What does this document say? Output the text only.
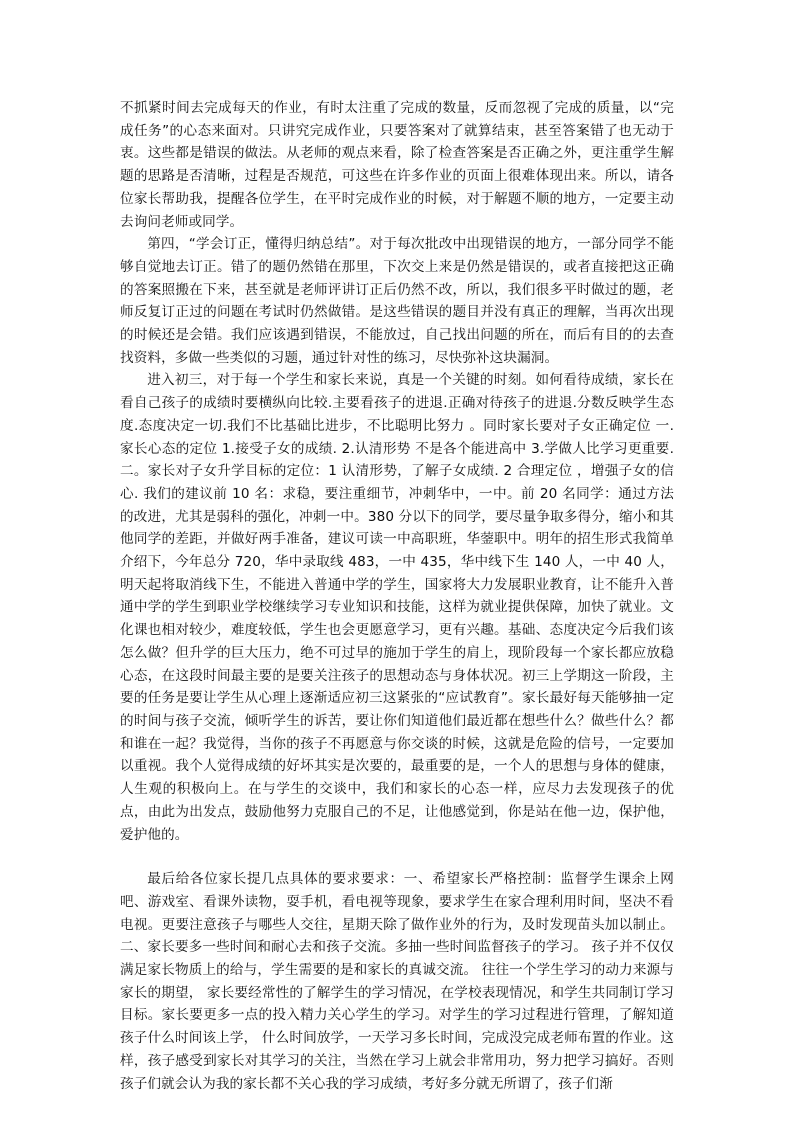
不抓紧时间去完成每天的作业，有时太注重了完成的数量，反而忽视了完成的质量，以“完成任务”的心态来面对。只讲究完成作业，只要答案对了就算结束，甚至答案错了也无动于衷。这些都是错误的做法。从老师的观点来看，除了检查答案是否正确之外，更注重学生解题的思路是否清晰，过程是否规范，可这些在许多作业的页面上很难体现出来。所以，请各位家长帮助我，提醒各位学生，在平时完成作业的时候，对于解题不顺的地方，一定要主动去询问老师或同学。

第四，“学会订正，懂得归纳总结”。对于每次批改中出现错误的地方，一部分同学不能够自觉地去订正。错了的题仍然错在那里，下次交上来是仍然是错误的，或者直接把这正确的答案照搬在下来，甚至就是老师评讲订正后仍然不改，所以，我们很多平时做过的题，老师反复订正过的问题在考试时仍然做错。是这些错误的题目并没有真正的理解，当再次出现的时候还是会错。我们应该遇到错误，不能放过，自己找出问题的所在，而后有目的的去查找资料，多做一些类似的习题，通过针对性的练习，尽快弥补这块漏洞。

进入初三，对于每一个学生和家长来说，真是一个关键的时刻。如何看待成绩，家长在看自己孩子的成绩时要横纵向比较.主要看孩子的进退.正确对待孩子的进退.分数反映学生态度.态度决定一切.我们不比基础比进步，不比聪明比努力 。同时家长要对子女正确定位 一.家长心态的定位 1.接受子女的成绩. 2.认清形势 不是各个能进高中 3.学做人比学习更重要. 二。家长对子女升学目标的定位：1 认清形势，了解子女成绩. 2 合理定位 ，增强子女的信心. 我们的建议前 10 名：求稳，要注重细节，冲刺华中，一中。前 20 名同学：通过方法的改进，尤其是弱科的强化，冲刺一中。380 分以下的同学，要尽量争取多得分，缩小和其他同学的差距，并做好两手准备，建议可读一中高职班，华蓥职中。明年的招生形式我简单介绍下，今年总分 720，华中录取线 483，一中 435，华中线下生 140 人，一中 40 人，明天起将取消线下生，不能进入普通中学的学生，国家将大力发展职业教育，让不能升入普通中学的学生到职业学校继续学习专业知识和技能，这样为就业提供保障，加快了就业。文化课也相对较少，难度较低，学生也会更愿意学习，更有兴趣。基础、态度决定今后我们该怎么做？但升学的巨大压力，绝不可过早的施加于学生的肩上，现阶段每一个家长都应放稳心态，在这段时间最主要的是要关注孩子的思想动态与身体状况。初三上学期这一阶段，主要的任务是要让学生从心理上逐渐适应初三这紧张的“应试教育”。家长最好每天能够抽一定的时间与孩子交流，倾听学生的诉苦，要让你们知道他们最近都在想些什么？做些什么？都和谁在一起？我觉得，当你的孩子不再愿意与你交谈的时候，这就是危险的信号，一定要加以重视。我个人觉得成绩的好坏其实是次要的，最重要的是，一个人的思想与身体的健康，人生观的积极向上。在与学生的交谈中，我们和家长的心态一样，应尽力去发现孩子的优点，由此为出发点，鼓励他努力克服自己的不足，让他感觉到，你是站在他一边，保护他，爱护他的。

最后给各位家长提几点具体的要求要求：一、希望家长严格控制：监督学生课余上网吧、游戏室、看课外读物，耍手机，看电视等现象，要求学生在家合理利用时间，坚决不看电视。更要注意孩子与哪些人交往，星期天除了做作业外的行为，及时发现苗头加以制止。二、家长要多一些时间和耐心去和孩子交流。多抽一些时间监督孩子的学习。 孩子并不仅仅满足家长物质上的给与，学生需要的是和家长的真诚交流。 往往一个学生学习的动力来源与家长的期望， 家长要经常性的了解学生的学习情况，在学校表现情况，和学生共同制订学习目标。家长要更多一点的投入精力关心学生的学习。对学生的学习过程进行管理，了解知道孩子什么时间该上学， 什么时间放学，一天学习多长时间，完成没完成老师布置的作业。这样，孩子感受到家长对其学习的关注，当然在学习上就会非常用功，努力把学习搞好。否则孩子们就会认为我的家长都不关心我的学习成绩，考好多分就无所谓了，孩子们渐
